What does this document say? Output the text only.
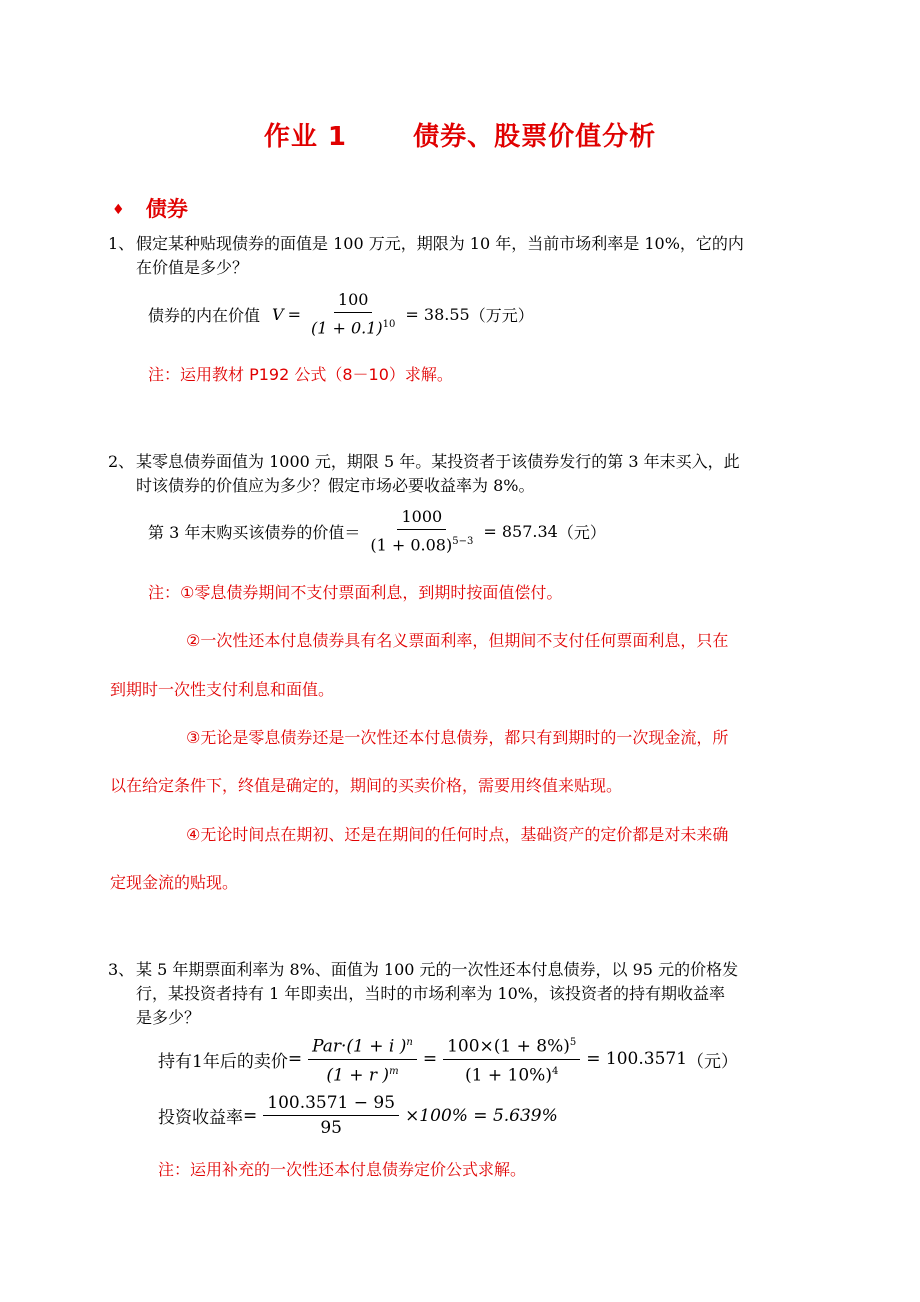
作业 1	债券、股票价值分析
♦ 债券
1、 假定某种贴现债券的面值是 100 万元，期限为 10 年，当前市场利率是 10%，它的内
在价值是多少？
债券的内在价值 $V = \frac{100}{(1 + 0.1)^{10}} = 38.55$ （万元）
注：运用教材 P192 公式（8－10）求解。
2、 某零息债券面值为 1000 元，期限 5 年。某投资者于该债券发行的第 3 年末买入，此
时该债券的价值应为多少？假定市场必要收益率为 8%。
第 3 年末购买该债券的价值＝ $\frac{1000}{(1 + 0.08)^{5-3}} = 857.34$ （元）
注：①零息债券期间不支付票面利息，到期时按面值偿付。
②一次性还本付息债券具有名义票面利率，但期间不支付任何票面利息，只在
到期时一次性支付利息和面值。
③无论是零息债券还是一次性还本付息债券，都只有到期时的一次现金流，所
以在给定条件下，终值是确定的，期间的买卖价格，需要用终值来贴现。
④无论时间点在期初、还是在期间的任何时点，基础资产的定价都是对未来确
定现金流的贴现。
3、 某 5 年期票面利率为 8%、面值为 100 元的一次性还本付息债券，以 95 元的价格发
行，某投资者持有 1 年即卖出，当时的市场利率为 10%，该投资者的持有期收益率
是多少？
持有1年后的卖价 = $\frac{Par\cdot(1 + i )^n}{(1 + r )^m} = \frac{100\times(1 + 8\%)^5}{(1 + 10\%)^4} = 100.3571$ （元）
投资收益率 = $\frac{100.3571 - 95}{95} \times 100\% = 5.639\%$
注：运用补充的一次性还本付息债券定价公式求解。
